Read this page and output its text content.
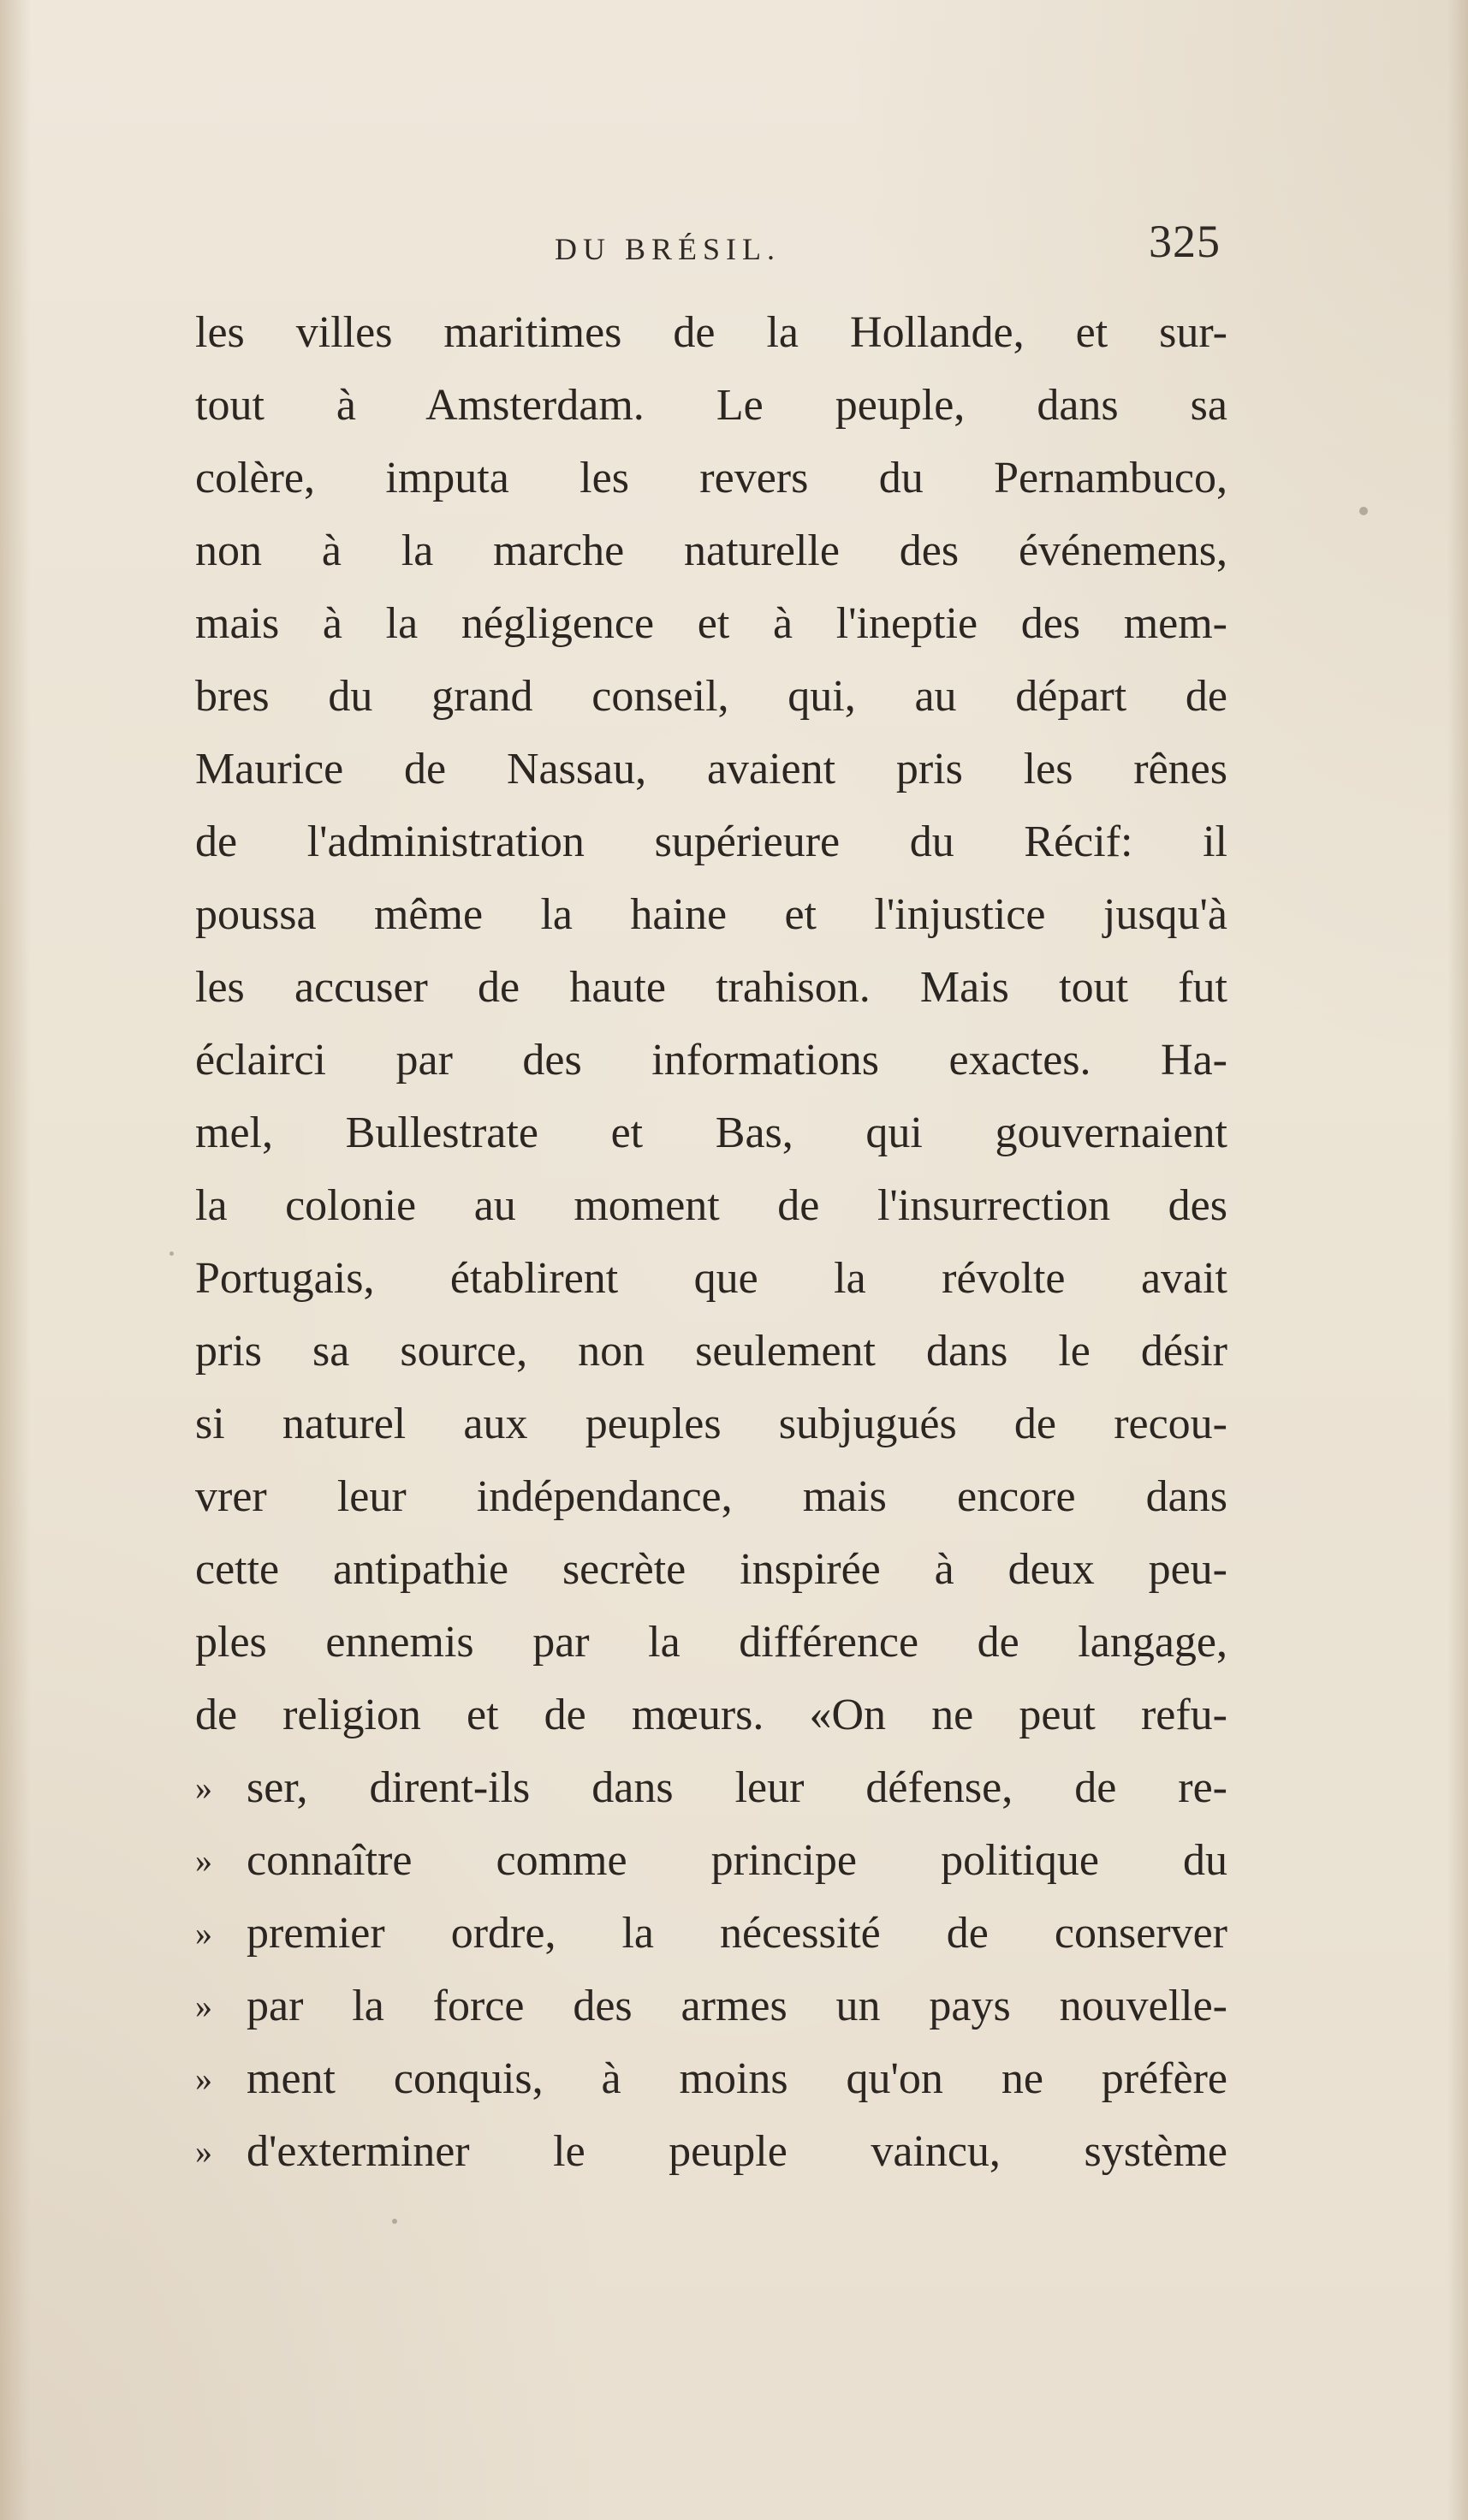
DU BRÉSIL.	325
les villes maritimes de la Hollande, et sur-
tout à Amsterdam. Le peuple, dans sa
colère, imputa les revers du Pernambuco,
non à la marche naturelle des événemens,
mais à la négligence et à l'ineptie des mem-
bres du grand conseil, qui, au départ de
Maurice de Nassau, avaient pris les rênes
de l'administration supérieure du Récif: il
poussa même la haine et l'injustice jusqu'à
les accuser de haute trahison. Mais tout fut
éclairci par des informations exactes. Ha-
mel, Bullestrate et Bas, qui gouvernaient
la colonie au moment de l'insurrection des
Portugais, établirent que la révolte avait
pris sa source, non seulement dans le désir
si naturel aux peuples subjugués de recou-
vrer leur indépendance, mais encore dans
cette antipathie secrète inspirée à deux peu-
ples ennemis par la différence de langage,
de religion et de mœurs. «On ne peut refu-
» ser, dirent-ils dans leur défense, de re-
» connaître comme principe politique du
» premier ordre, la nécessité de conserver
» par la force des armes un pays nouvelle-
» ment conquis, à moins qu'on ne préfère
» d'exterminer le peuple vaincu, système
